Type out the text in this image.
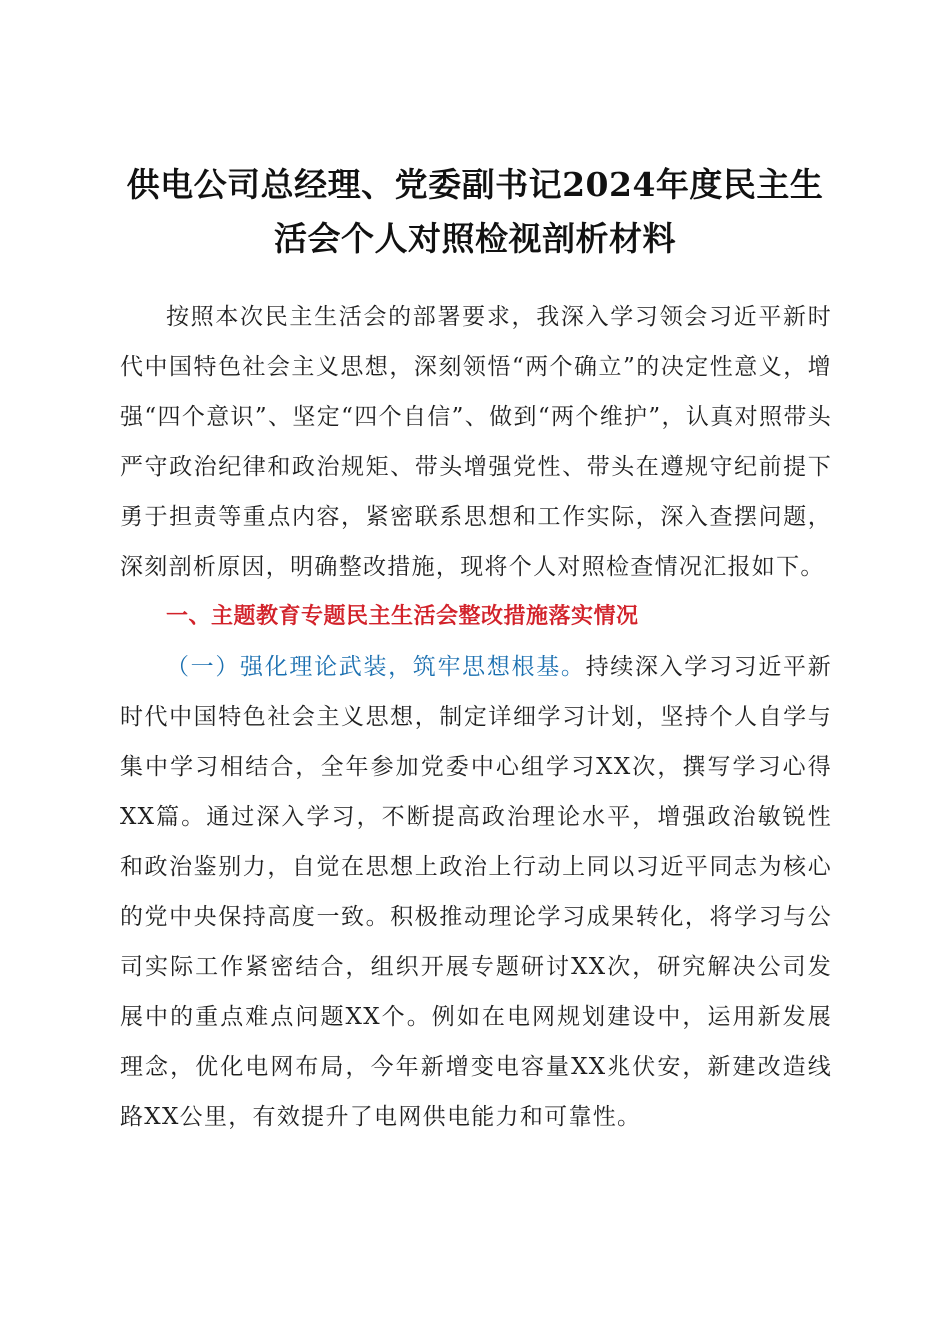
供电公司总经理、党委副书记2024年度民主生
活会个人对照检视剖析材料

按照本次民主生活会的部署要求，我深入学习领会习近平新时代中国特色社会主义思想，深刻领悟“两个确立”的决定性意义，增强“四个意识”、坚定“四个自信”、做到“两个维护”，认真对照带头严守政治纪律和政治规矩、带头增强党性、带头在遵规守纪前提下勇于担责等重点内容，紧密联系思想和工作实际，深入查摆问题，深刻剖析原因，明确整改措施，现将个人对照检查情况汇报如下。

一、主题教育专题民主生活会整改措施落实情况

（一）强化理论武装，筑牢思想根基。持续深入学习习近平新时代中国特色社会主义思想，制定详细学习计划，坚持个人自学与集中学习相结合，全年参加党委中心组学习XX次，撰写学习心得XX篇。通过深入学习，不断提高政治理论水平，增强政治敏锐性和政治鉴别力，自觉在思想上政治上行动上同以习近平同志为核心的党中央保持高度一致。积极推动理论学习成果转化，将学习与公司实际工作紧密结合，组织开展专题研讨XX次，研究解决公司发展中的重点难点问题XX个。例如在电网规划建设中，运用新发展理念，优化电网布局，今年新增变电容量XX兆伏安，新建改造线路XX公里，有效提升了电网供电能力和可靠性。
